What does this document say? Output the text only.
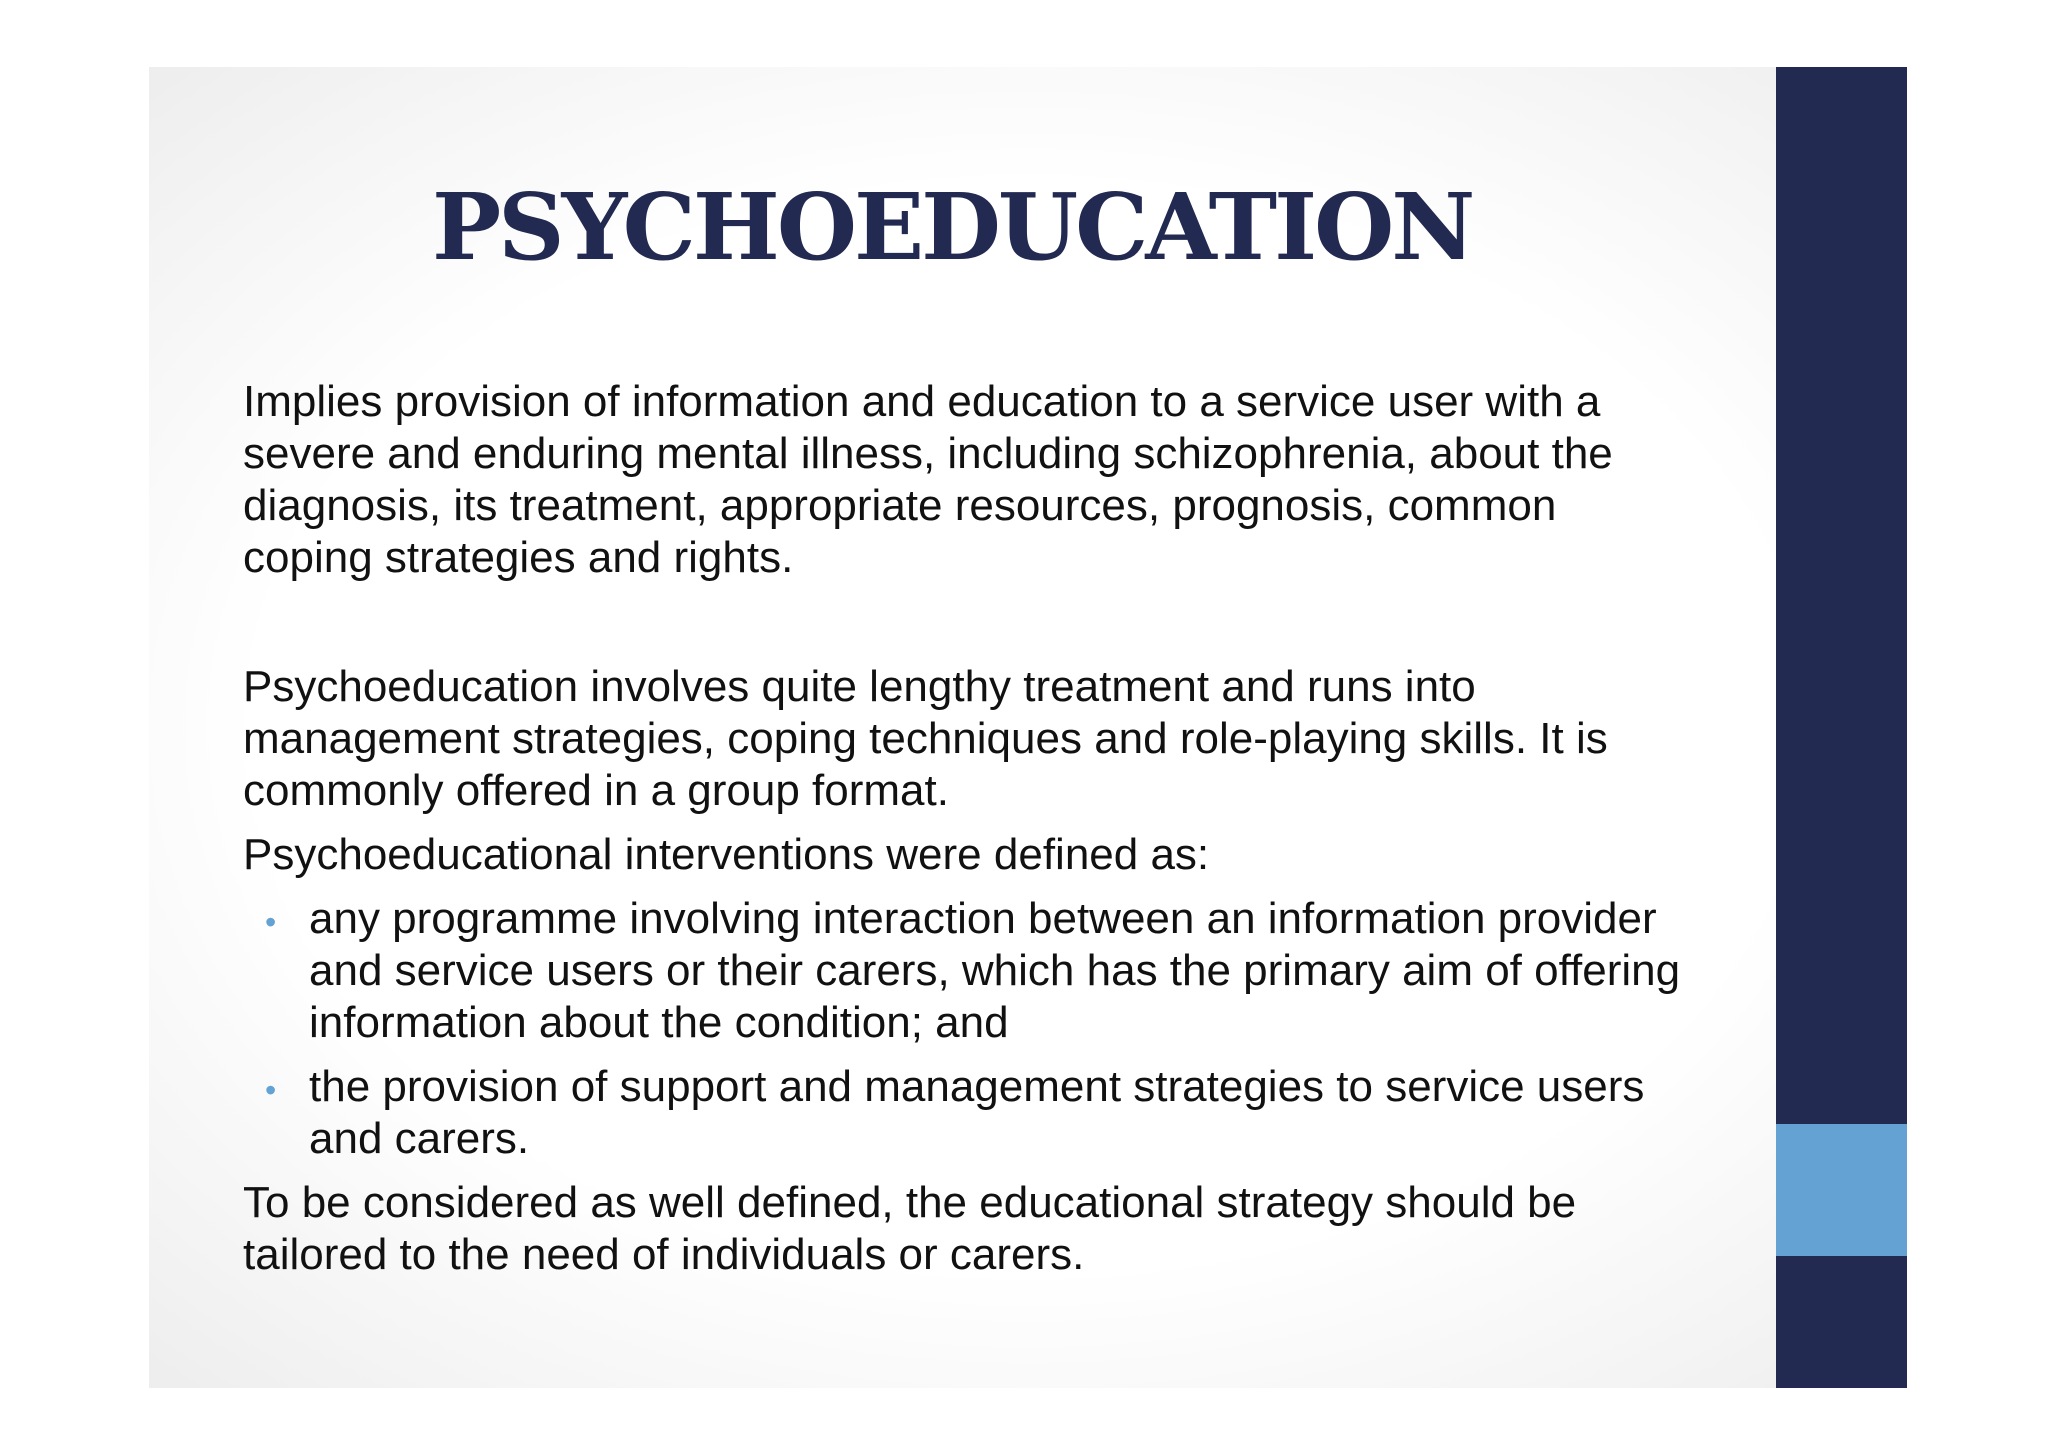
PSYCHOEDUCATION

Implies provision of information and education to a service user with a severe and enduring mental illness, including schizophrenia, about the diagnosis, its treatment, appropriate resources, prognosis, common coping strategies and rights.

Psychoeducation involves quite lengthy treatment and runs into management strategies, coping techniques and role-playing skills. It is commonly offered in a group format.

Psychoeducational interventions were defined as:

• any programme involving interaction between an information provider and service users or their carers, which has the primary aim of offering information about the condition; and
• the provision of support and management strategies to service users and carers.

To be considered as well defined, the educational strategy should be tailored to the need of individuals or carers.
